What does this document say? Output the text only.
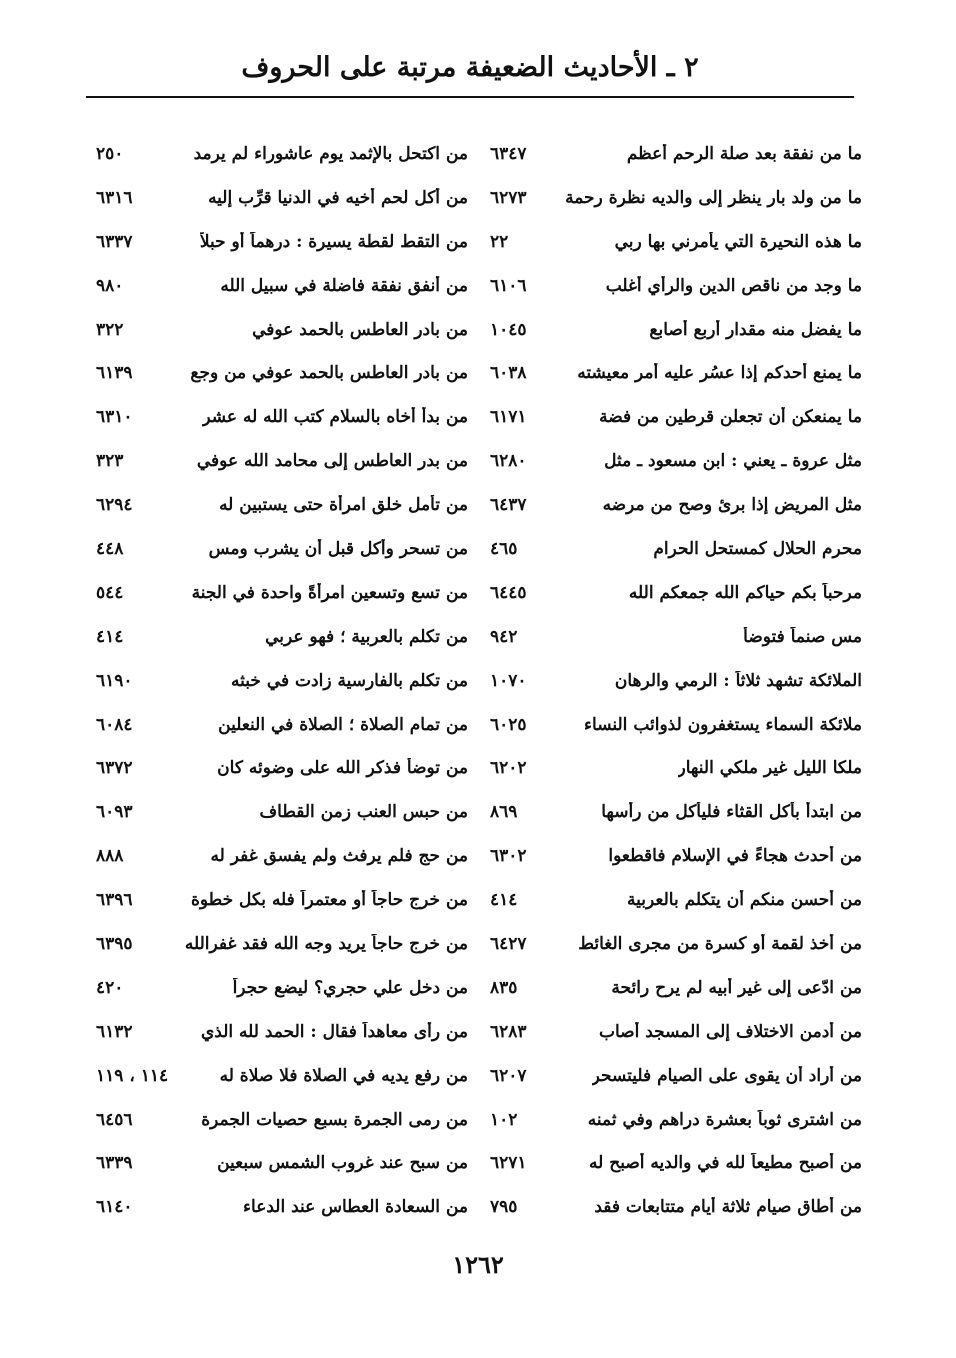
٢ ـ الأحاديث الضعيفة مرتبة على الحروف
ما من نفقة بعد صلة الرحم أعظم
٦٣٤٧
ما من ولد بار ينظر إلى والديه نظرة رحمة
٦٢٧٣
ما هذه النحيرة التي يأمرني بها ربي
٢٢
ما وجد من ناقص الدين والرأي أغلب
٦١٠٦
ما يفضل منه مقدار أربع أصابع
١٠٤٥
ما يمنع أحدكم إذا عسُر عليه أمر معيشته
٦٠٣٨
ما يمنعكن أن تجعلن قرطين من فضة
٦١٧١
مثل عروة ـ يعني : ابن مسعود ـ مثل
٦٢٨٠
مثل المريض إذا برئ وصح من مرضه
٦٤٣٧
محرم الحلال كمستحل الحرام
٤٦٥
مرحباً بكم حياكم الله جمعكم الله
٦٤٤٥
مس صنماً فتوضأ
٩٤٢
الملائكة تشهد ثلاثاً : الرمي والرهان
١٠٧٠
ملائكة السماء يستغفرون لذوائب النساء
٦٠٢٥
ملكا الليل غير ملكي النهار
٦٢٠٢
من ابتدأ بأكل القثاء فليأكل من رأسها
٨٦٩
من أحدث هجاءً في الإسلام فاقطعوا
٦٣٠٢
من أحسن منكم أن يتكلم بالعربية
٤١٤
من أخذ لقمة أو كسرة من مجرى الغائط
٦٤٢٧
من ادّعى إلى غير أبيه لم يرح رائحة
٨٣٥
من أدمن الاختلاف إلى المسجد أصاب
٦٢٨٣
من أراد أن يقوى على الصيام فليتسحر
٦٢٠٧
من اشترى ثوباً بعشرة دراهم وفي ثمنه
١٠٢
من أصبح مطيعاً لله في والديه أصبح له
٦٢٧١
من أطاق صيام ثلاثة أيام متتابعات فقد
٧٩٥
من اكتحل بالإثمد يوم عاشوراء لم يرمد
٢٥٠
من أكل لحم أخيه في الدنيا قرِّب إليه
٦٣١٦
من التقط لقطة يسيرة : درهماً أو حبلاً
٦٣٣٧
من أنفق نفقة فاضلة في سبيل الله
٩٨٠
من بادر العاطس بالحمد عوفي
٣٢٢
من بادر العاطس بالحمد عوفي من وجع
٦١٣٩
من بدأ أخاه بالسلام كتب الله له عشر
٦٣١٠
من بدر العاطس إلى محامد الله عوفي
٣٢٣
من تأمل خلق امرأة حتى يستبين له
٦٢٩٤
من تسحر وأكل قبل أن يشرب ومس
٤٤٨
من تسع وتسعين امرأةً واحدة في الجنة
٥٤٤
من تكلم بالعربية ؛ فهو عربي
٤١٤
من تكلم بالفارسية زادت في خبثه
٦١٩٠
من تمام الصلاة ؛ الصلاة في النعلين
٦٠٨٤
من توضأ فذكر الله على وضوئه كان
٦٣٧٢
من حبس العنب زمن القطاف
٦٠٩٣
من حج فلم يرفث ولم يفسق غفر له
٨٨٨
من خرج حاجاً أو معتمراً فله بكل خطوة
٦٣٩٦
من خرج حاجاً يريد وجه الله فقد غفرالله
٦٣٩٥
من دخل علي حجري؟ ليضع حجراً
٤٢٠
من رأى معاهداً فقال : الحمد لله الذي
٦١٣٢
من رفع يديه في الصلاة فلا صلاة له
١١٤ ، ١١٩
من رمى الجمرة بسبع حصيات الجمرة
٦٤٥٦
من سبح عند غروب الشمس سبعين
٦٣٣٩
من السعادة العطاس عند الدعاء
٦١٤٠
١٢٦٢
